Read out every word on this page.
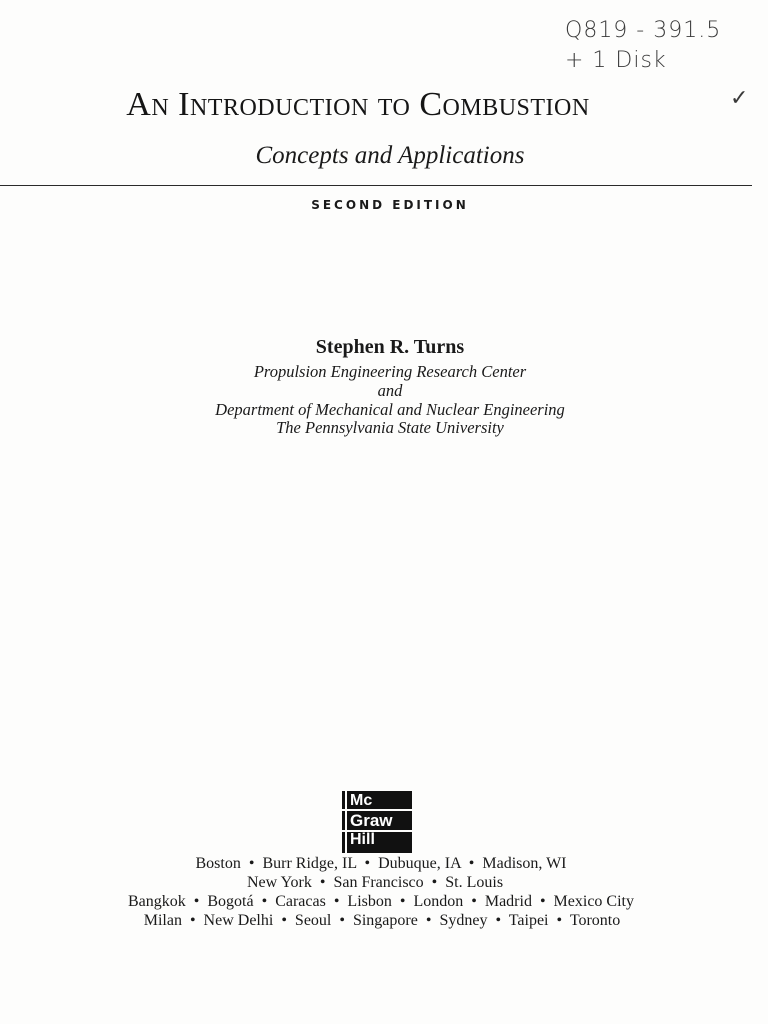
Q819 - 391.5
+ 1 Disk
✓
An Introduction to Combustion
Concepts and Applications
SECOND EDITION
Stephen R. Turns
Propulsion Engineering Research Center
and
Department of Mechanical and Nuclear Engineering
The Pennsylvania State University
Mc
Graw
Hill
Boston  •  Burr Ridge, IL  •  Dubuque, IA  •  Madison, WI
New York  •  San Francisco  •  St. Louis
Bangkok  •  Bogotá  •  Caracas  •  Lisbon  •  London  •  Madrid  •  Mexico City
Milan  •  New Delhi  •  Seoul  •  Singapore  •  Sydney  •  Taipei  •  Toronto
